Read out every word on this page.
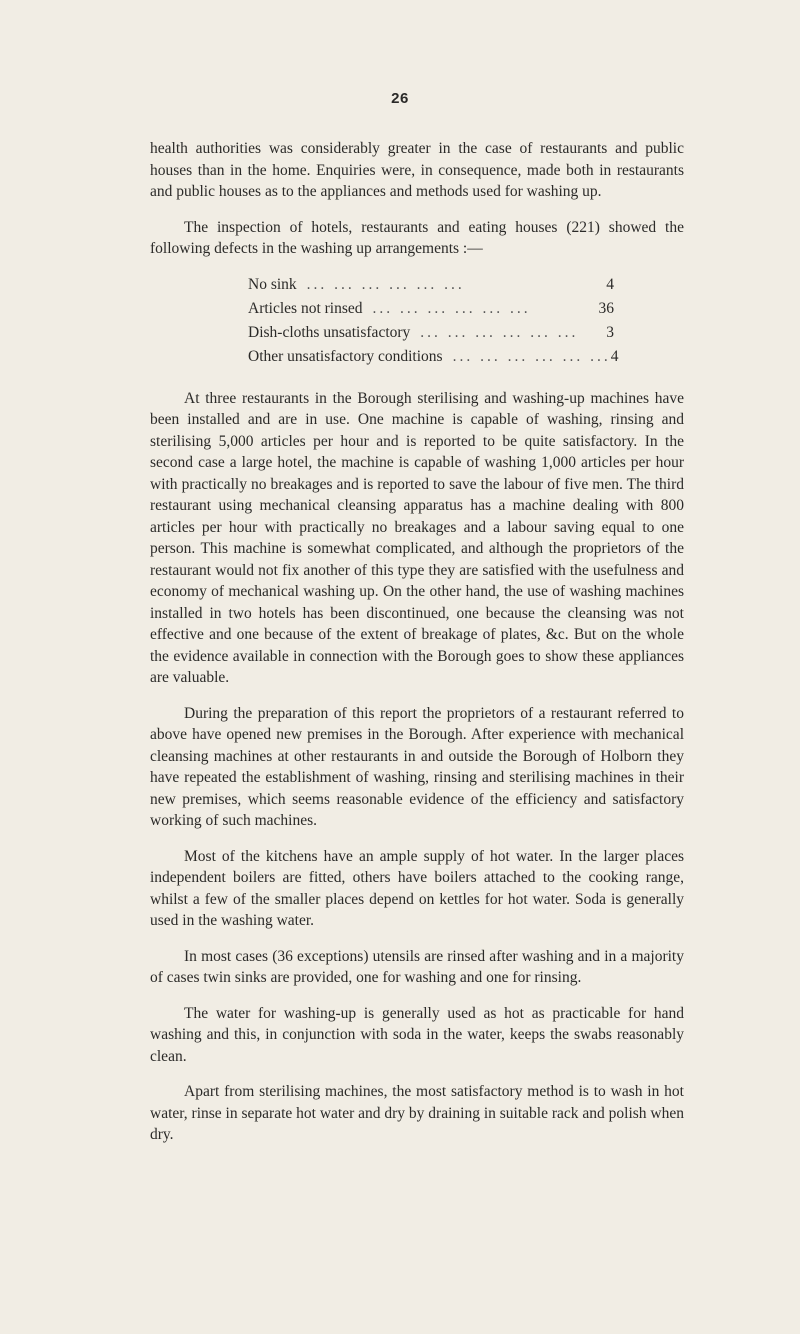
26

health authorities was considerably greater in the case of restaurants and public houses than in the home. Enquiries were, in consequence, made both in restaurants and public houses as to the appliances and methods used for washing up.

The inspection of hotels, restaurants and eating houses (221) showed the following defects in the washing up arrangements :—

No sink ... ... ... ... ... ...	4
Articles not rinsed ... ... ... ... ... ...	36
Dish-cloths unsatisfactory ... ... ... ... ... ...	3
Other unsatisfactory conditions ... ... ... ... ... ... 4

At three restaurants in the Borough sterilising and washing-up machines have been installed and are in use. One machine is capable of washing, rinsing and sterilising 5,000 articles per hour and is reported to be quite satisfactory. In the second case a large hotel, the machine is capable of washing 1,000 articles per hour with practically no breakages and is reported to save the labour of five men. The third restaurant using mechanical cleansing apparatus has a machine dealing with 800 articles per hour with practically no breakages and a labour saving equal to one person. This machine is somewhat complicated, and although the proprietors of the restaurant would not fix another of this type they are satisfied with the usefulness and economy of mechanical washing up. On the other hand, the use of washing machines installed in two hotels has been discontinued, one because the cleansing was not effective and one because of the extent of breakage of plates, &c. But on the whole the evidence available in connection with the Borough goes to show these appliances are valuable.

During the preparation of this report the proprietors of a restaurant referred to above have opened new premises in the Borough. After experience with mechanical cleansing machines at other restaurants in and outside the Borough of Holborn they have repeated the establishment of washing, rinsing and sterilising machines in their new premises, which seems reasonable evidence of the efficiency and satisfactory working of such machines.

Most of the kitchens have an ample supply of hot water. In the larger places independent boilers are fitted, others have boilers attached to the cooking range, whilst a few of the smaller places depend on kettles for hot water. Soda is generally used in the washing water.

In most cases (36 exceptions) utensils are rinsed after washing and in a majority of cases twin sinks are provided, one for washing and one for rinsing.

The water for washing-up is generally used as hot as practicable for hand washing and this, in conjunction with soda in the water, keeps the swabs reasonably clean.

Apart from sterilising machines, the most satisfactory method is to wash in hot water, rinse in separate hot water and dry by draining in suitable rack and polish when dry.
